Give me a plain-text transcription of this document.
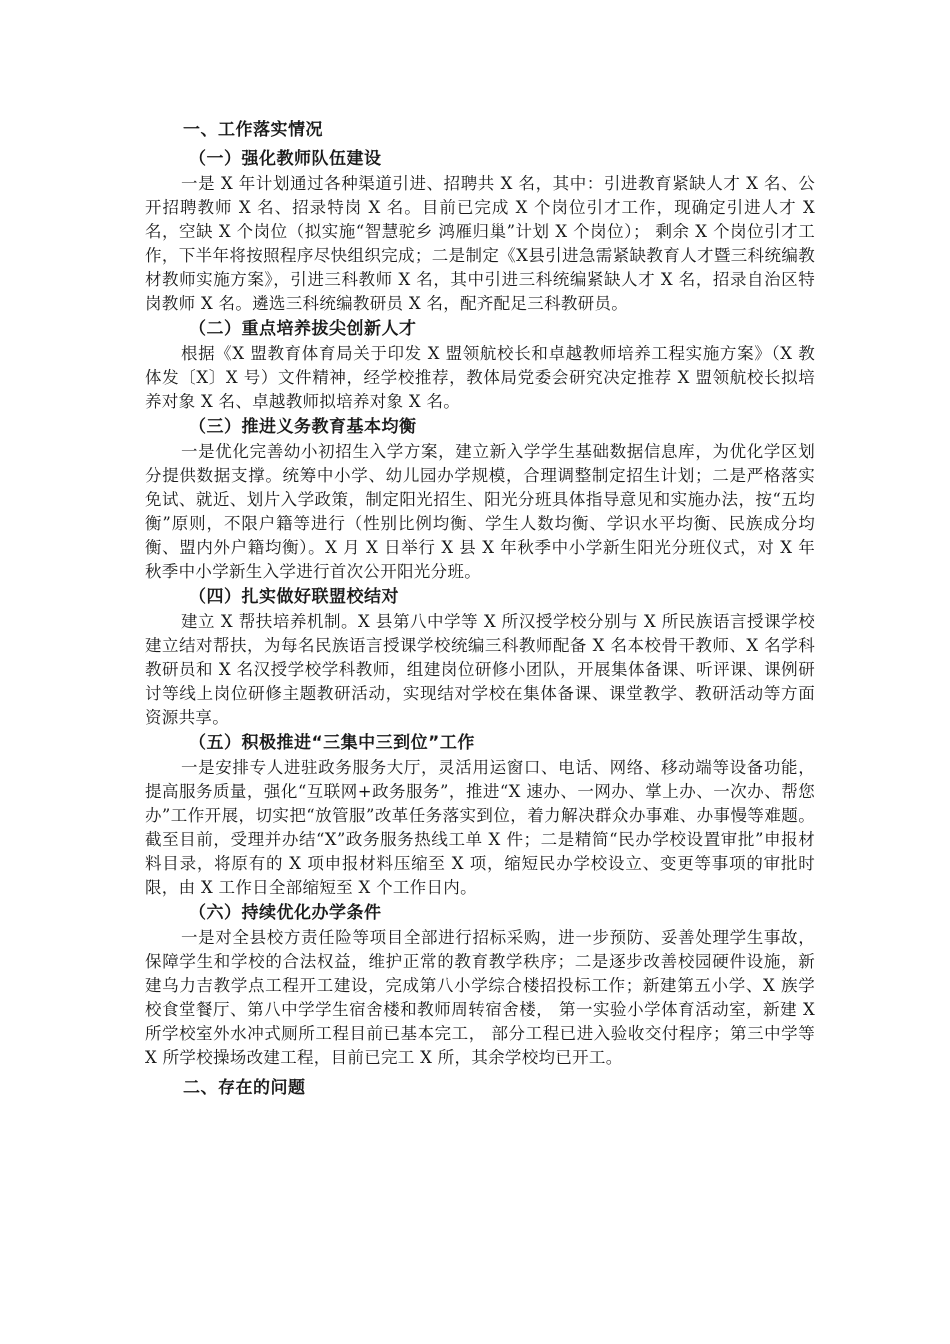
一、工作落实情况
（一）强化教师队伍建设

一是 X 年计划通过各种渠道引进、招聘共 X 名，其中：引进教育紧缺人才 X 名、公开招聘教师 X 名、招录特岗 X 名。目前已完成 X 个岗位引才工作，现确定引进人才 X 名，空缺 X 个岗位（拟实施“智慧驼乡 鸿雁归巢”计划 X 个岗位）； 剩余 X 个岗位引才工作，下半年将按照程序尽快组织完成；二是制定《X县引进急需紧缺教育人才暨三科统编教材教师实施方案》，引进三科教师 X 名，其中引进三科统编紧缺人才 X 名，招录自治区特岗教师 X 名。遴选三科统编教研员 X 名，配齐配足三科教研员。

（二）重点培养拔尖创新人才

根据《X 盟教育体育局关于印发 X 盟领航校长和卓越教师培养工程实施方案》（X 教体发〔X〕X 号）文件精神，经学校推荐，教体局党委会研究决定推荐 X 盟领航校长拟培养对象 X 名、卓越教师拟培养对象 X 名。

（三）推进义务教育基本均衡

一是优化完善幼小初招生入学方案，建立新入学学生基础数据信息库，为优化学区划分提供数据支撑。统筹中小学、幼儿园办学规模，合理调整制定招生计划；二是严格落实免试、就近、划片入学政策，制定阳光招生、阳光分班具体指导意见和实施办法，按“五均衡”原则，不限户籍等进行（性别比例均衡、学生人数均衡、学识水平均衡、民族成分均衡、盟内外户籍均衡）。X 月 X 日举行 X 县 X 年秋季中小学新生阳光分班仪式，对 X 年秋季中小学新生入学进行首次公开阳光分班。

（四）扎实做好联盟校结对

建立 X 帮扶培养机制。X 县第八中学等 X 所汉授学校分别与 X 所民族语言授课学校建立结对帮扶，为每名民族语言授课学校统编三科教师配备 X 名本校骨干教师、X 名学科教研员和 X 名汉授学校学科教师，组建岗位研修小团队，开展集体备课、听评课、课例研讨等线上岗位研修主题教研活动，实现结对学校在集体备课、课堂教学、教研活动等方面资源共享。

（五）积极推进“三集中三到位”工作

一是安排专人进驻政务服务大厅，灵活用运窗口、电话、网络、移动端等设备功能，提高服务质量，强化“互联网+政务服务”，推进“X 速办、一网办、掌上办、一次办、帮您办”工作开展，切实把“放管服”改革任务落实到位，着力解决群众办事难、办事慢等难题。截至目前，受理并办结“X”政务服务热线工单 X 件；二是精简“民办学校设置审批”申报材料目录，将原有的 X 项申报材料压缩至 X 项，缩短民办学校设立、变更等事项的审批时限，由 X 工作日全部缩短至 X 个工作日内。

（六）持续优化办学条件

一是对全县校方责任险等项目全部进行招标采购，进一步预防、妥善处理学生事故，保障学生和学校的合法权益，维护正常的教育教学秩序；二是逐步改善校园硬件设施，新建乌力吉教学点工程开工建设，完成第八小学综合楼招投标工作；新建第五小学、X 族学校食堂餐厅、第八中学学生宿舍楼和教师周转宿舍楼， 第一实验小学体育活动室，新建 X 所学校室外水冲式厕所工程目前已基本完工， 部分工程已进入验收交付程序；第三中学等 X 所学校操场改建工程，目前已完工 X 所，其余学校均已开工。

二、存在的问题
